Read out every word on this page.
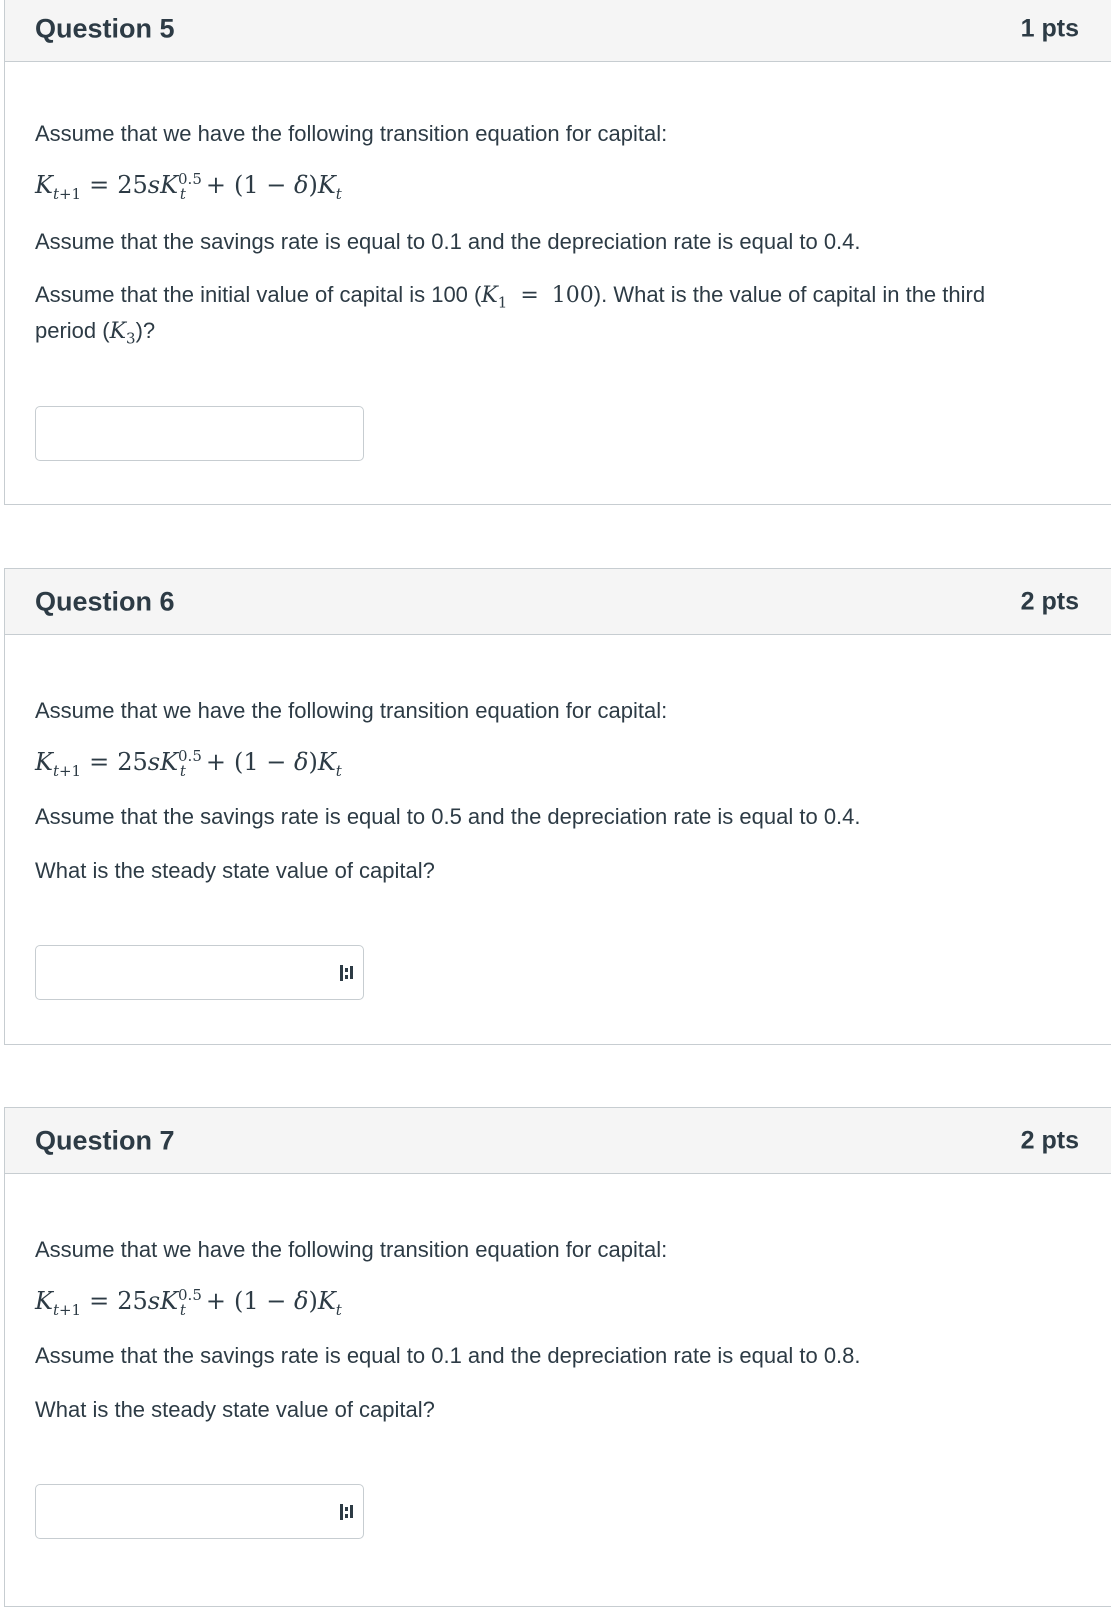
Question 5	1 pts
Assume that we have the following transition equation for capital:
$K_{t+1} = 25sK^{0.5}_t + (1 - \delta)K_t$
Assume that the savings rate is equal to 0.1 and the depreciation rate is equal to 0.4.
Assume that the initial value of capital is 100 $(K_1 = 100)$. What is the value of capital in the third
period $(K_3)$?
Question 6	2 pts
Assume that we have the following transition equation for capital:
$K_{t+1} = 25sK^{0.5}_t + (1 - \delta)K_t$
Assume that the savings rate is equal to 0.5 and the depreciation rate is equal to 0.4.
What is the steady state value of capital?
Question 7	2 pts
Assume that we have the following transition equation for capital:
$K_{t+1} = 25sK^{0.5}_t + (1 - \delta)K_t$
Assume that the savings rate is equal to 0.1 and the depreciation rate is equal to 0.8.
What is the steady state value of capital?
